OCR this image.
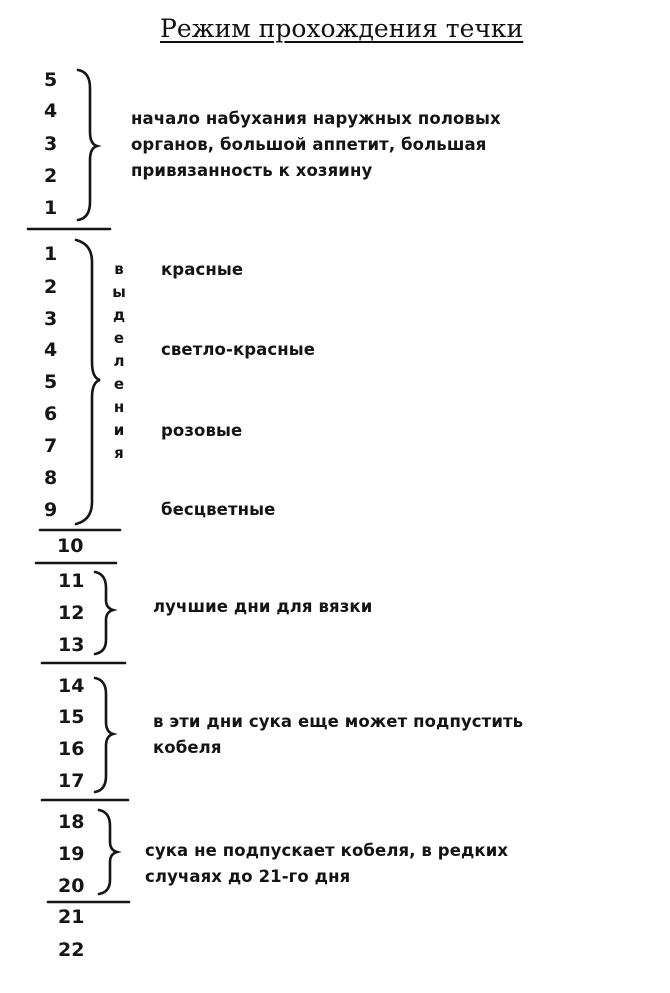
Режим прохождения течки
5
4
3
2
1
начало набухания наружных половых
органов, большой аппетит, большая
привязанность к хозяину
1
2
3
4
5
6
7
8
9
в
ы
д
е
л
е
н
и
я
красные
светло-красные
розовые
бесцветные
10
11
12
13
лучшие дни для вязки
14
15
16
17
в эти дни сука еще может подпустить
кобеля
18
19
20
сука не подпускает кобеля, в редких
случаях до 21-го дня
21
22
